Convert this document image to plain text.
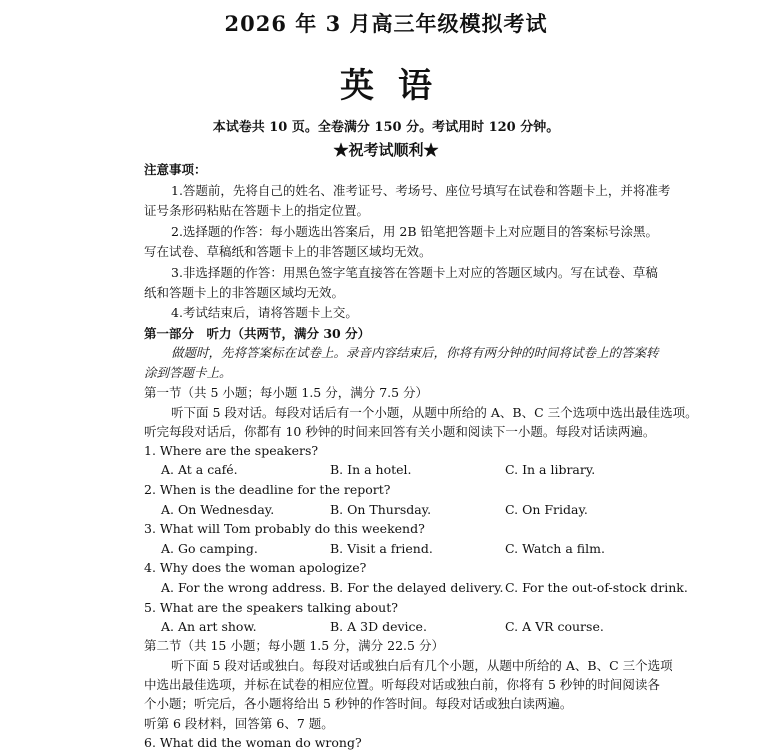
2026 年 3 月高三年级模拟考试
英 语
本试卷共 10 页。全卷满分 150 分。考试用时 120 分钟。
★祝考试顺利★
注意事项：
1.答题前，先将自己的姓名、准考证号、考场号、座位号填写在试卷和答题卡上，并将准考
证号条形码粘贴在答题卡上的指定位置。
2.选择题的作答：每小题选出答案后，用 2B 铅笔把答题卡上对应题目的答案标号涂黑。
写在试卷、草稿纸和答题卡上的非答题区域均无效。
3.非选择题的作答：用黑色签字笔直接答在答题卡上对应的答题区域内。写在试卷、草稿
纸和答题卡上的非答题区域均无效。
4.考试结束后，请将答题卡上交。
第一部分　听力（共两节，满分 30 分）
做题时，先将答案标在试卷上。录音内容结束后，你将有两分钟的时间将试卷上的答案转
涂到答题卡上。
第一节（共 5 小题；每小题 1.5 分，满分 7.5 分）
听下面 5 段对话。每段对话后有一个小题，从题中所给的 A、B、C 三个选项中选出最佳选项。
听完每段对话后，你都有 10 秒钟的时间来回答有关小题和阅读下一小题。每段对话读两遍。
1. Where are the speakers?
A. At a café.	B. In a hotel.	C. In a library.
2. When is the deadline for the report?
A. On Wednesday.	B. On Thursday.	C. On Friday.
3. What will Tom probably do this weekend?
A. Go camping.	B. Visit a friend.	C. Watch a film.
4. Why does the woman apologize?
A. For the wrong address. B. For the delayed delivery. C. For the out-of-stock drink.
5. What are the speakers talking about?
A. An art show.	B. A 3D device.	C. A VR course.
第二节（共 15 小题；每小题 1.5 分，满分 22.5 分）
听下面 5 段对话或独白。每段对话或独白后有几个小题，从题中所给的 A、B、C 三个选项
中选出最佳选项，并标在试卷的相应位置。听每段对话或独白前，你将有 5 秒钟的时间阅读各
个小题；听完后，各小题将给出 5 秒钟的作答时间。每段对话或独白读两遍。
听第 6 段材料，回答第 6、7 题。
6. What did the woman do wrong?
